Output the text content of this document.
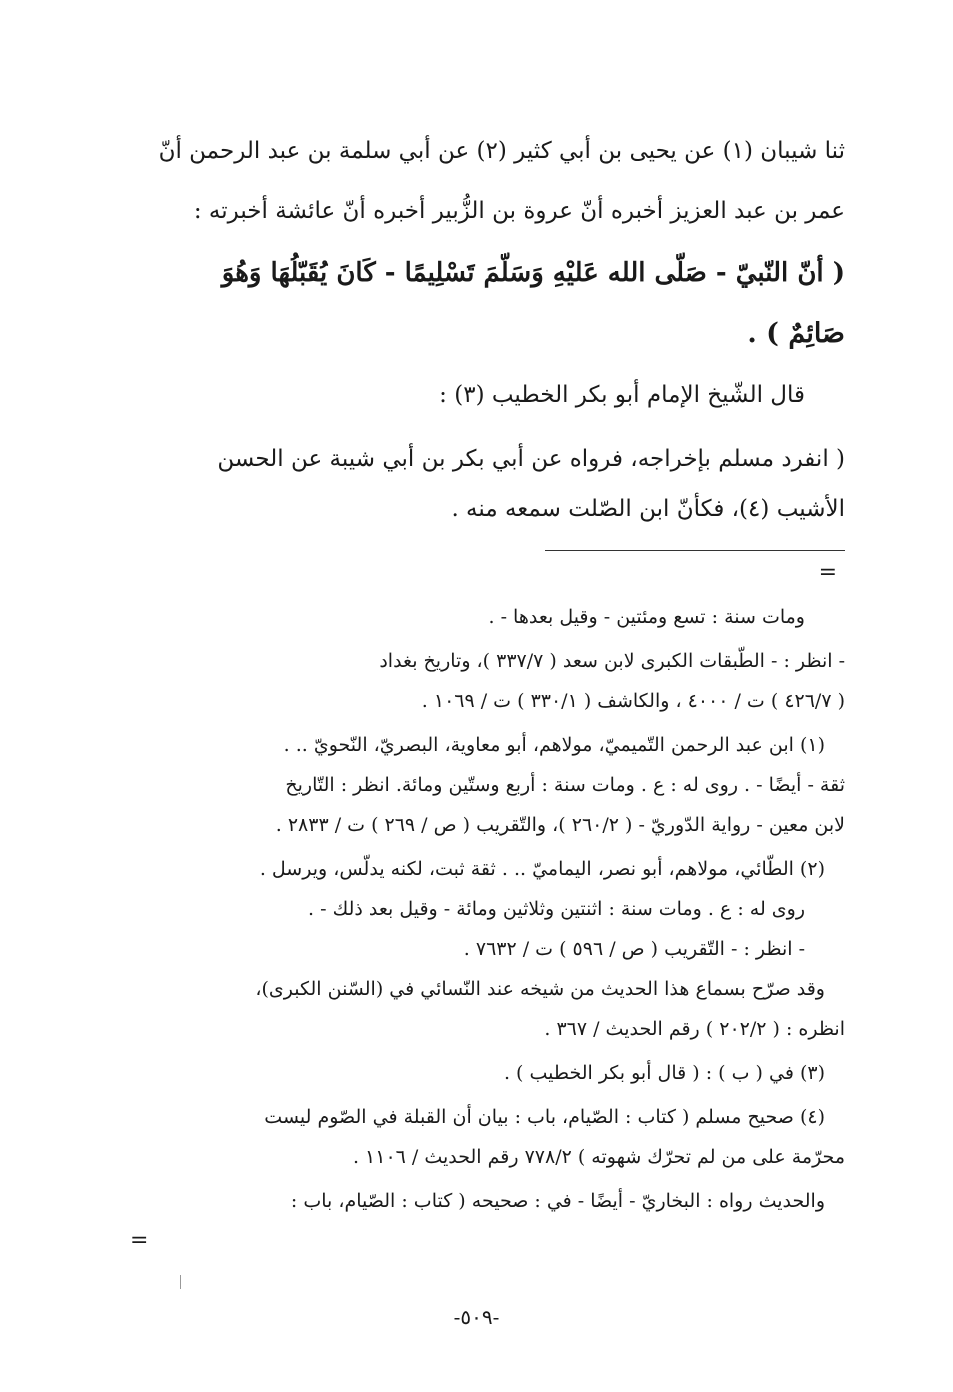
ثنا شيبان (١) عن يحيى بن أبي كثير (٢) عن أبي سلمة بن عبد الرحمن أنّ
عمر بن عبد العزيز أخبره أنّ عروة بن الزُّبير أخبره أنّ عائشة أخبرته :
( أنّ النّبيّ - صَلّى الله عَليْهِ وَسَلّمَ تَسْلِيمًا - كَانَ يُقَبّلُهَا وَهُوَ
صَائِمٌ ) .
قال الشّيخ الإمام أبو بكر الخطيب (٣) :
( انفرد مسلم بإخراجه، فرواه عن أبي بكر بن أبي شيبة عن الحسن
الأشيب (٤)، فكأنّ ابن الصّلت سمعه منه .
=
ومات سنة : تسع ومئتين - وقيل بعدها - .
- انظر : - الطّبقات الكبرى لابن سعد ( ٣٣٧/٧ )، وتاريخ بغداد
( ٤٢٦/٧ ) ت / ٤٠٠٠ ، والكاشف ( ٣٣٠/١ ) ت / ١٠٦٩ .
(١) ابن عبد الرحمن التّميميّ، مولاهم، أبو معاوية، البصريّ، النّحويّ .. .
ثقة - أيضًا - . روى له : ع . ومات سنة : أربع وستّين ومائة. انظر : التّاريخ
لابن معين - رواية الدّوريّ - ( ٢٦٠/٢ )، والتّقريب ( ص / ٢٦٩ ) ت / ٢٨٣٣ .
(٢) الطّائي، مولاهم، أبو نصر، اليماميّ .. . ثقة ثبت، لكنه يدلّس، ويرسل .
روى له : ع . ومات سنة : اثنتين وثلاثين ومائة - وقيل بعد ذلك - .
- انظر : - التّقريب ( ص / ٥٩٦ ) ت / ٧٦٣٢ .
وقد صرّح بسماع هذا الحديث من شيخه عند النّسائي في (السّنن الكبرى)،
انظره : ( ٢٠٢/٢ ) رقم الحديث / ٣٦٧ .
(٣) في ( ب ) : ( قال أبو بكر الخطيب ) .
(٤) صحيح مسلم ( كتاب : الصّيام، باب : بيان أن القبلة في الصّوم ليست
محرّمة على من لم تحرّك شهوته ) ٧٧٨/٢ رقم الحديث / ١١٠٦ .
والحديث رواه : البخاريّ - أيضًا - في : صحيحه ( كتاب : الصّيام، باب :
=
-٥٠٩-
